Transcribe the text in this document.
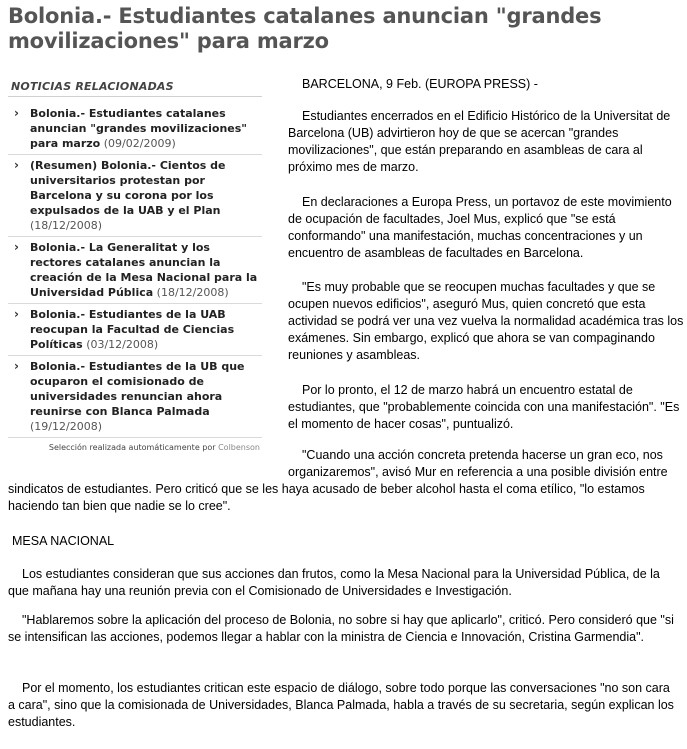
Bolonia.- Estudiantes catalanes anuncian "grandes movilizaciones" para marzo
NOTICIAS RELACIONADAS
› Bolonia.- Estudiantes catalanes anuncian "grandes movilizaciones" para marzo (09/02/2009)
› (Resumen) Bolonia.- Cientos de universitarios protestan por Barcelona y su corona por los expulsados de la UAB y el Plan (18/12/2008)
› Bolonia.- La Generalitat y los rectores catalanes anuncian la creación de la Mesa Nacional para la Universidad Pública (18/12/2008)
› Bolonia.- Estudiantes de la UAB reocupan la Facultad de Ciencias Políticas (03/12/2008)
› Bolonia.- Estudiantes de la UB que ocuparon el comisionado de universidades renuncian ahora reunirse con Blanca Palmada (19/12/2008)
Selección realizada automáticamente por Colbenson

BARCELONA, 9 Feb. (EUROPA PRESS) -

Estudiantes encerrados en el Edificio Histórico de la Universitat de Barcelona (UB) advirtieron hoy de que se acercan "grandes movilizaciones", que están preparando en asambleas de cara al próximo mes de marzo.

En declaraciones a Europa Press, un portavoz de este movimiento de ocupación de facultades, Joel Mus, explicó que "se está conformando" una manifestación, muchas concentraciones y un encuentro de asambleas de facultades en Barcelona.

"Es muy probable que se reocupen muchas facultades y que se ocupen nuevos edificios", aseguró Mus, quien concretó que esta actividad se podrá ver una vez vuelva la normalidad académica tras los exámenes. Sin embargo, explicó que ahora se van compaginando reuniones y asambleas.

Por lo pronto, el 12 de marzo habrá un encuentro estatal de estudiantes, que "probablemente coincida con una manifestación". "Es el momento de hacer cosas", puntualizó.

"Cuando una acción concreta pretenda hacerse un gran eco, nos organizaremos", avisó Mur en referencia a una posible división entre

sindicatos de estudiantes. Pero criticó que se les haya acusado de beber alcohol hasta el coma etílico, "lo estamos haciendo tan bien que nadie se lo cree".

MESA NACIONAL

Los estudiantes consideran que sus acciones dan frutos, como la Mesa Nacional para la Universidad Pública, de la que mañana hay una reunión previa con el Comisionado de Universidades e Investigación.

"Hablaremos sobre la aplicación del proceso de Bolonia, no sobre si hay que aplicarlo", criticó. Pero consideró que "si se intensifican las acciones, podemos llegar a hablar con la ministra de Ciencia e Innovación, Cristina Garmendia".

Por el momento, los estudiantes critican este espacio de diálogo, sobre todo porque las conversaciones "no son cara a cara", sino que la comisionada de Universidades, Blanca Palmada, habla a través de su secretaria, según explican los estudiantes.
